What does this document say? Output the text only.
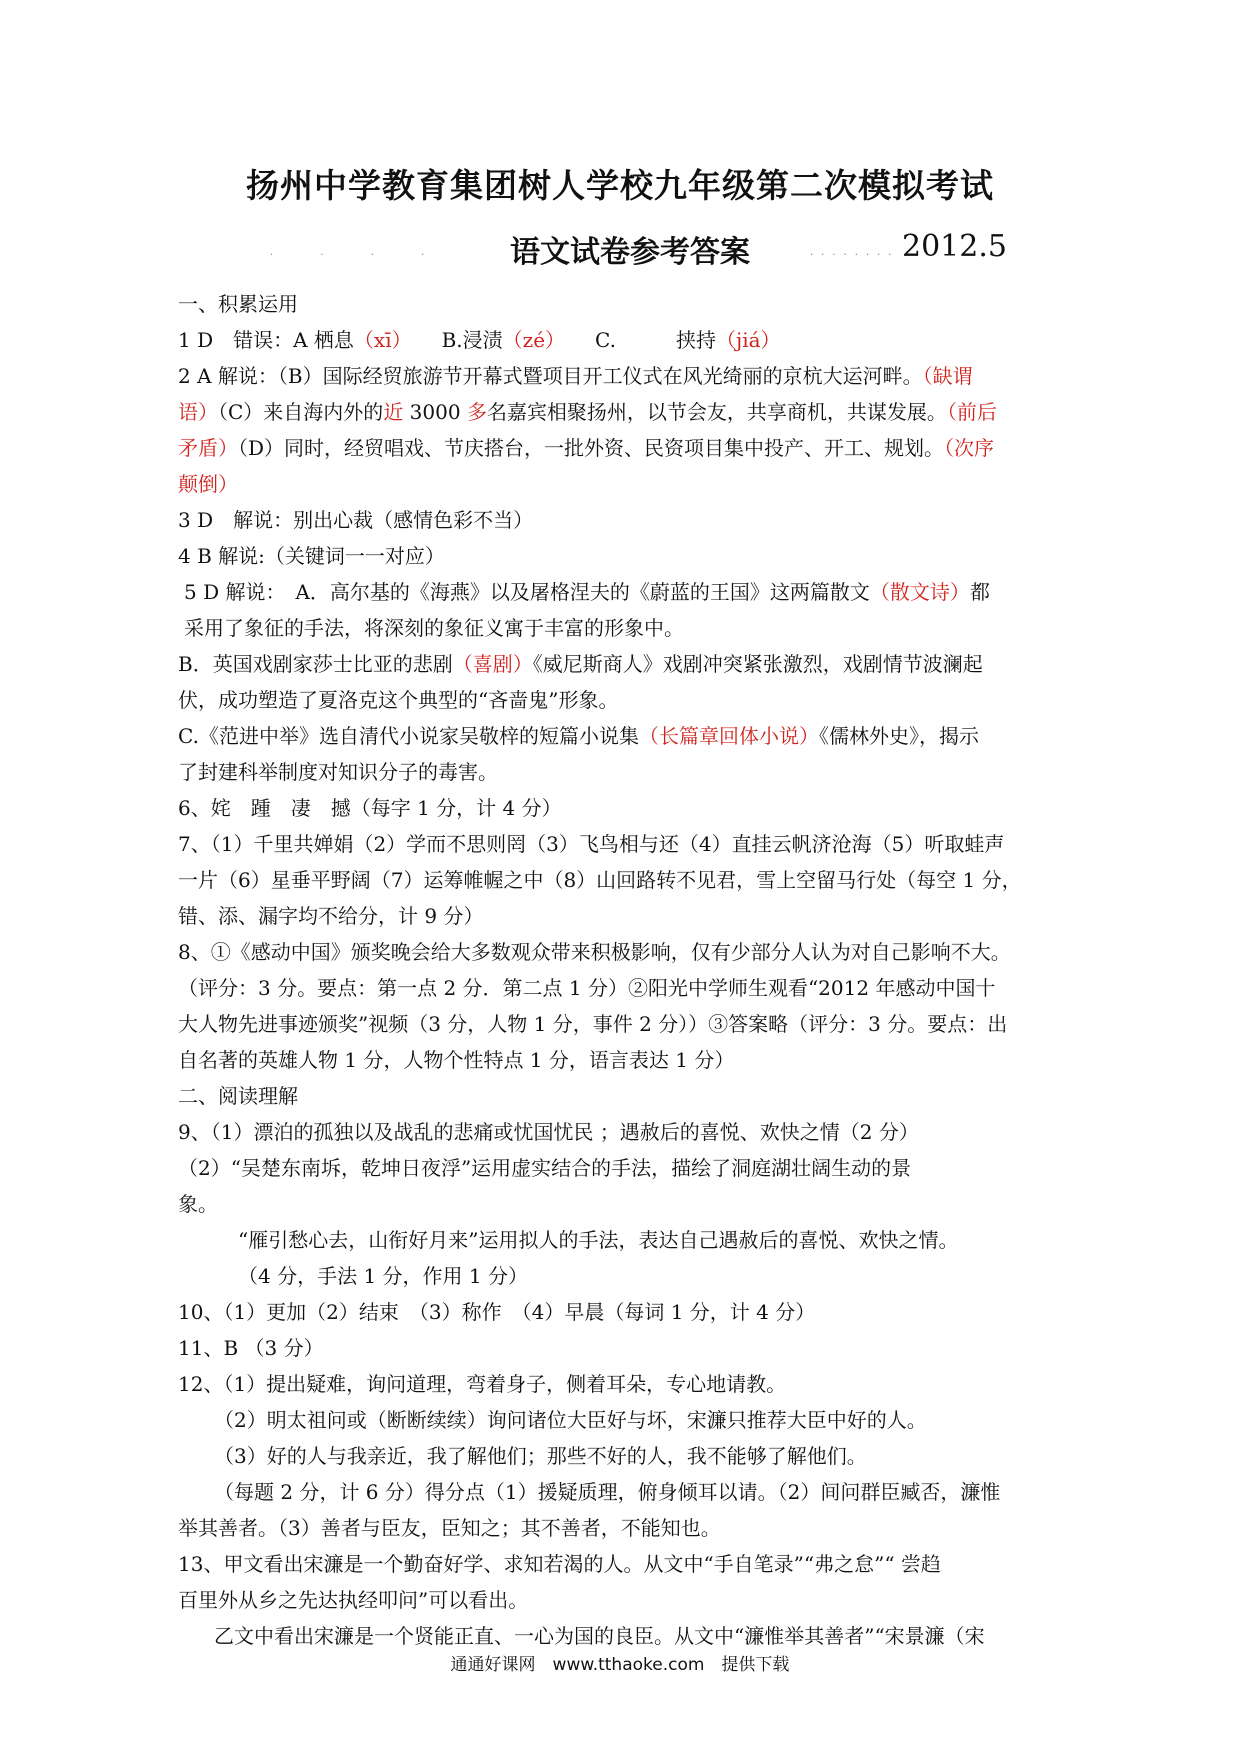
扬州中学教育集团树人学校九年级第二次模拟考试
. . . . 语文试卷参考答案	........ 2012.5
一、积累运用
1 D　错误：A 栖息（xī）　　B.浸渍（zé）　　C.　　　挟持（jiá）
2 A 解说：（B）国际经贸旅游节开幕式暨项目开工仪式在风光绮丽的京杭大运河畔。（缺谓
语）（C）来自海内外的近 3000 多名嘉宾相聚扬州，以节会友，共享商机，共谋发展。（前后
矛盾）（D）同时，经贸唱戏、节庆搭台，一批外资、民资项目集中投产、开工、规划。（次序
颠倒）
3 D　解说：别出心裁（感情色彩不当）
4 B 解说:（关键词一一对应）
5 D 解说：　A．高尔基的《海燕》以及屠格涅夫的《蔚蓝的王国》这两篇散文（散文诗）都
采用了象征的手法，将深刻的象征义寓于丰富的形象中。
B．英国戏剧家莎士比亚的悲剧（喜剧）《威尼斯商人》戏剧冲突紧张激烈，戏剧情节波澜起
伏，成功塑造了夏洛克这个典型的“吝啬鬼”形象。
C.《范进中举》选自清代小说家吴敬梓的短篇小说集（长篇章回体小说）《儒林外史》，揭示
了封建科举制度对知识分子的毒害。
6、姹　踵　凄　撼（每字 1 分，计 4 分）
7、（1）千里共婵娟（2）学而不思则罔（3）飞鸟相与还（4）直挂云帆济沧海（5）听取蛙声
一片（6）星垂平野阔（7）运筹帷幄之中（8）山回路转不见君，雪上空留马行处（每空 1 分，
错、添、漏字均不给分，计 9 分）
8、①《感动中国》颁奖晚会给大多数观众带来积极影响，仅有少部分人认为对自己影响不大。
（评分：3 分。要点：第一点 2 分．第二点 1 分）②阳光中学师生观看“2012 年感动中国十
大人物先进事迹颁奖”视频（3 分，人物 1 分，事件 2 分））③答案略（评分：3 分。要点：出
自名著的英雄人物 1 分，人物个性特点 1 分，语言表达 1 分）
二、阅读理解
9、（1）漂泊的孤独以及战乱的悲痛或忧国忧民 ；遇赦后的喜悦、欢快之情（2 分）
（2）“吴楚东南坼，乾坤日夜浮”运用虚实结合的手法，描绘了洞庭湖壮阔生动的景
象。
“雁引愁心去，山衔好月来”运用拟人的手法，表达自己遇赦后的喜悦、欢快之情。
（4 分，手法 1 分，作用 1 分）
10、（1）更加（2）结束　（3）称作　（4）早晨（每词 1 分，计 4 分）
11、B （3 分）
12、（1）提出疑难，询问道理，弯着身子，侧着耳朵，专心地请教。
（2）明太祖问或（断断续续）询问诸位大臣好与坏，宋濂只推荐大臣中好的人。
（3）好的人与我亲近，我了解他们；那些不好的人，我不能够了解他们。
（每题 2 分，计 6 分）得分点（1）援疑质理，俯身倾耳以请。（2）间问群臣臧否，濂惟
举其善者。（3）善者与臣友，臣知之；其不善者，不能知也。
13、甲文看出宋濂是一个勤奋好学、求知若渴的人。从文中“手自笔录”“弗之怠”“ 尝趋
百里外从乡之先达执经叩问”可以看出。
乙文中看出宋濂是一个贤能正直、一心为国的良臣。从文中“濂惟举其善者”“宋景濂（宋
通通好课网　www.tthaoke.com　提供下载
